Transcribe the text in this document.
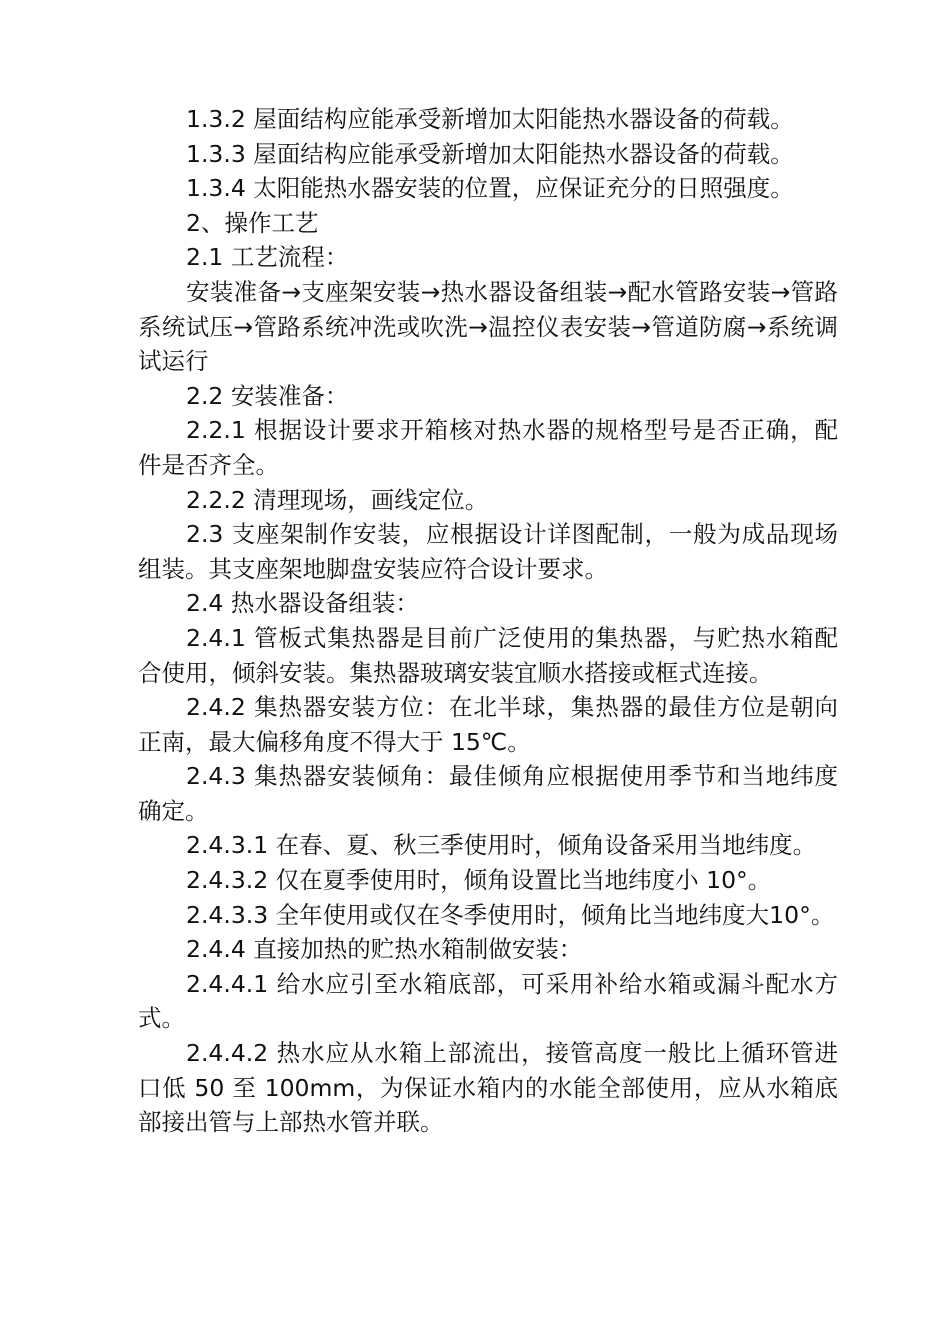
1.3.2 屋面结构应能承受新增加太阳能热水器设备的荷载。

1.3.3 屋面结构应能承受新增加太阳能热水器设备的荷载。

1.3.4 太阳能热水器安装的位置，应保证充分的日照强度。

2、操作工艺

2.1 工艺流程：

安装准备→支座架安装→热水器设备组装→配水管路安装→管路系统试压→管路系统冲洗或吹洗→温控仪表安装→管道防腐→系统调试运行

2.2 安装准备：

2.2.1 根据设计要求开箱核对热水器的规格型号是否正确，配件是否齐全。

2.2.2 清理现场，画线定位。

2.3 支座架制作安装，应根据设计详图配制，一般为成品现场组装。其支座架地脚盘安装应符合设计要求。

2.4 热水器设备组装：

2.4.1 管板式集热器是目前广泛使用的集热器，与贮热水箱配合使用，倾斜安装。集热器玻璃安装宜顺水搭接或框式连接。

2.4.2 集热器安装方位：在北半球，集热器的最佳方位是朝向正南，最大偏移角度不得大于 15℃。

2.4.3 集热器安装倾角：最佳倾角应根据使用季节和当地纬度确定。

2.4.3.1 在春、夏、秋三季使用时，倾角设备采用当地纬度。

2.4.3.2 仅在夏季使用时，倾角设置比当地纬度小 10°。

2.4.3.3 全年使用或仅在冬季使用时，倾角比当地纬度大10°。

2.4.4 直接加热的贮热水箱制做安装：

2.4.4.1 给水应引至水箱底部，可采用补给水箱或漏斗配水方式。

2.4.4.2 热水应从水箱上部流出，接管高度一般比上循环管进口低 50 至 100mm，为保证水箱内的水能全部使用，应从水箱底部接出管与上部热水管并联。
